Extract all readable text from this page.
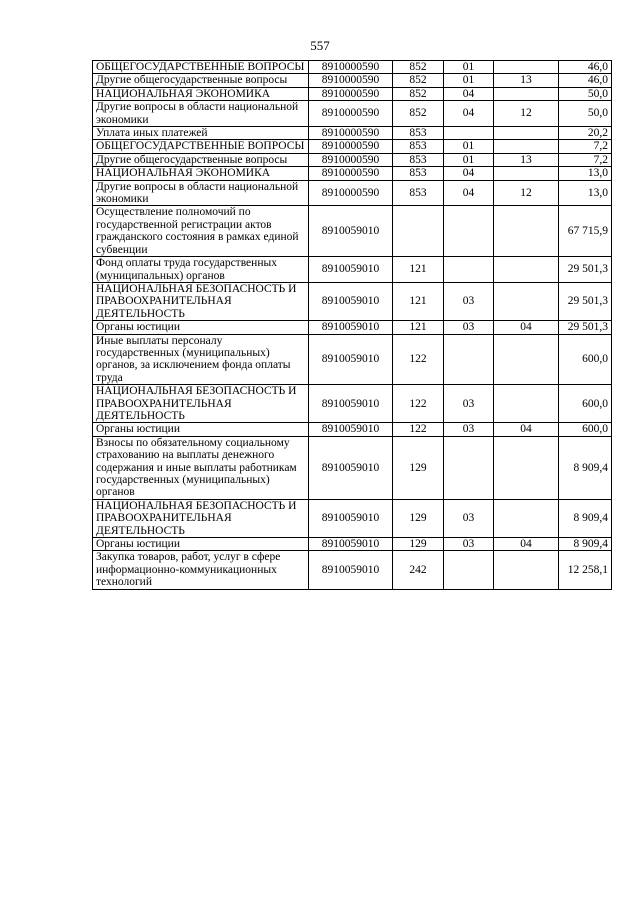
557
ОБЩЕГОСУДАРСТВЕННЫЕ ВОПРОСЫ	8910000590	852	01		46,0
Другие общегосударственные вопросы	8910000590	852	01	13	46,0
НАЦИОНАЛЬНАЯ ЭКОНОМИКА	8910000590	852	04		50,0
Другие вопросы в области национальной экономики	8910000590	852	04	12	50,0
Уплата иных платежей	8910000590	853			20,2
ОБЩЕГОСУДАРСТВЕННЫЕ ВОПРОСЫ	8910000590	853	01		7,2
Другие общегосударственные вопросы	8910000590	853	01	13	7,2
НАЦИОНАЛЬНАЯ ЭКОНОМИКА	8910000590	853	04		13,0
Другие вопросы в области национальной экономики	8910000590	853	04	12	13,0
Осуществление полномочий по государственной регистрации актов гражданского состояния в рамках единой субвенции	8910059010				67 715,9
Фонд оплаты труда государственных (муниципальных) органов	8910059010	121			29 501,3
НАЦИОНАЛЬНАЯ БЕЗОПАСНОСТЬ И ПРАВООХРАНИТЕЛЬНАЯ ДЕЯТЕЛЬНОСТЬ	8910059010	121	03		29 501,3
Органы юстиции	8910059010	121	03	04	29 501,3
Иные выплаты персоналу государственных (муниципальных) органов, за исключением фонда оплаты труда	8910059010	122			600,0
НАЦИОНАЛЬНАЯ БЕЗОПАСНОСТЬ И ПРАВООХРАНИТЕЛЬНАЯ ДЕЯТЕЛЬНОСТЬ	8910059010	122	03		600,0
Органы юстиции	8910059010	122	03	04	600,0
Взносы по обязательному социальному страхованию на выплаты денежного содержания и иные выплаты работникам государственных (муниципальных) органов	8910059010	129			8 909,4
НАЦИОНАЛЬНАЯ БЕЗОПАСНОСТЬ И ПРАВООХРАНИТЕЛЬНАЯ ДЕЯТЕЛЬНОСТЬ	8910059010	129	03		8 909,4
Органы юстиции	8910059010	129	03	04	8 909,4
Закупка товаров, работ, услуг в сфере информационно-коммуникационных технологий	8910059010	242			12 258,1
